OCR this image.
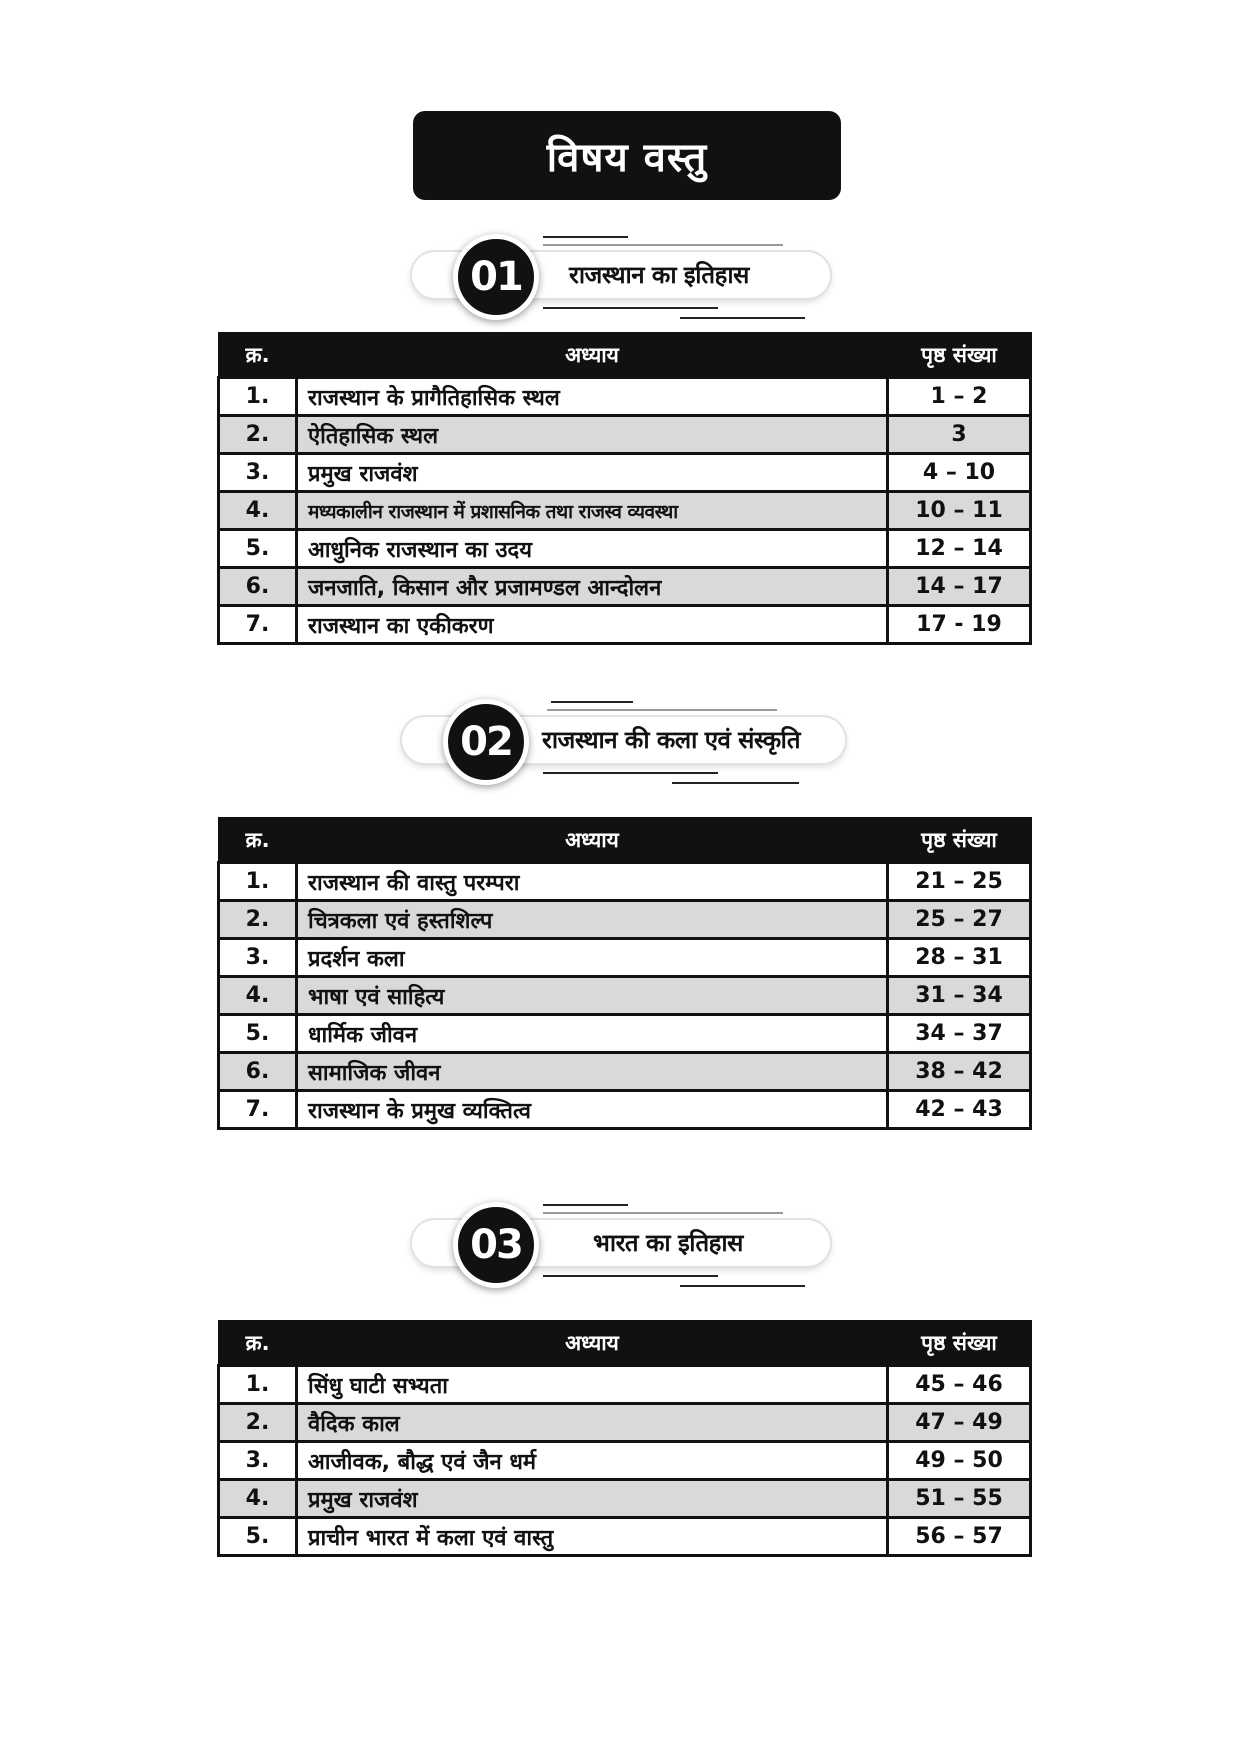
विषय वस्तु
01 राजस्थान का इतिहास
क्र.	अध्याय	पृष्ठ संख्या
1.	राजस्थान के प्रागैतिहासिक स्थल	1 – 2
2.	ऐतिहासिक स्थल	3
3.	प्रमुख राजवंश	4 – 10
4.	मध्यकालीन राजस्थान में प्रशासनिक तथा राजस्व व्यवस्था	10 – 11
5.	आधुनिक राजस्थान का उदय	12 – 14
6.	जनजाति, किसान और प्रजामण्डल आन्दोलन	14 – 17
7.	राजस्थान का एकीकरण	17 - 19
02 राजस्थान की कला एवं संस्कृति
क्र.	अध्याय	पृष्ठ संख्या
1.	राजस्थान की वास्तु परम्परा	21 – 25
2.	चित्रकला एवं हस्तशिल्प	25 – 27
3.	प्रदर्शन कला	28 – 31
4.	भाषा एवं साहित्य	31 – 34
5.	धार्मिक जीवन	34 – 37
6.	सामाजिक जीवन	38 – 42
7.	राजस्थान के प्रमुख व्यक्तित्व	42 – 43
03	भारत का इतिहास
क्र.	अध्याय	पृष्ठ संख्या
1.	सिंधु घाटी सभ्यता	45 – 46
2.	वैदिक काल	47 – 49
3.	आजीवक, बौद्ध एवं जैन धर्म	49 – 50
4.	प्रमुख राजवंश	51 – 55
5.	प्राचीन भारत में कला एवं वास्तु	56 – 57
